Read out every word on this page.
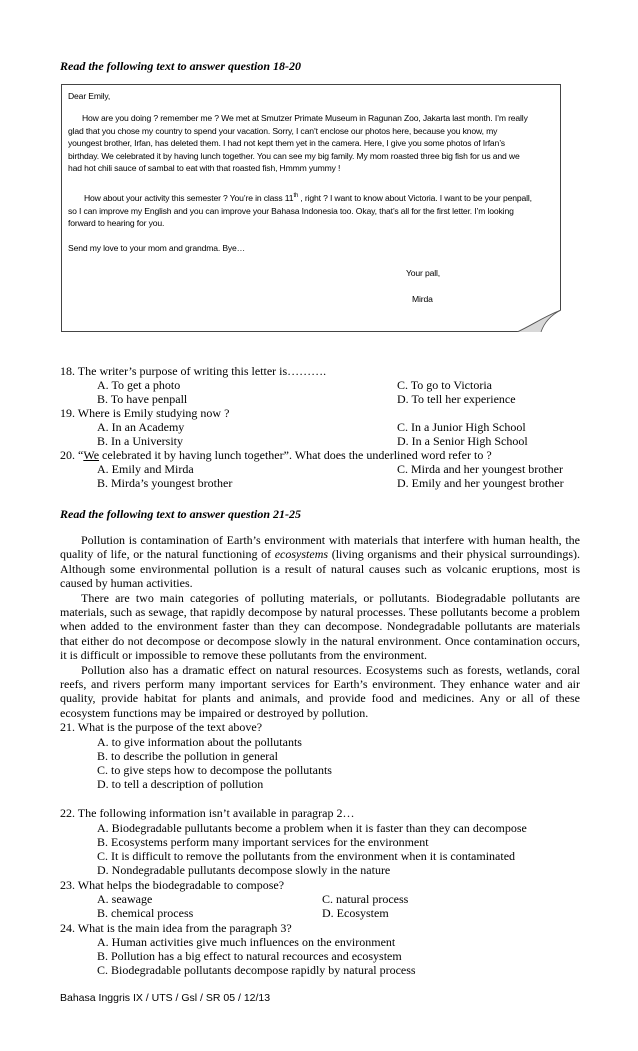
Read the following text to answer question 18-20
Dear Emily,
How are you doing ? remember me ? We met at Smutzer Primate Museum in Ragunan Zoo, Jakarta last month. I’m really
glad that you chose my country to spend your vacation. Sorry, I can’t enclose our photos here, because you know, my
youngest brother, Irfan, has deleted them. I had not kept them yet in the camera. Here, I give you some photos of Irfan’s
birthday. We celebrated it by having lunch together. You can see my big family. My mom roasted three big fish for us and we
had hot chili sauce of sambal to eat with that roasted fish, Hmmm yummy !
How about your activity this semester ? You’re in class 11th , right ? I want to know about Victoria. I want to be your penpall,
so I can improve my English and you can improve your Bahasa Indonesia too. Okay, that’s all for the first letter. I’m looking
forward to hearing for you.
Send my love to your mom and grandma. Bye…
Your pall,
Mirda
18. The writer’s purpose of writing this letter is……….
A. To get a photo	C. To go to Victoria
B. To have penpall	D. To tell her experience
19. Where is Emily studying now ?
A. In an Academy	C. In a Junior High School
B. In a University	D. In a Senior High School
20. “We celebrated it by having lunch together”. What does the underlined word refer to ?
A. Emily and Mirda	C. Mirda and her youngest brother
B. Mirda’s youngest brother	D. Emily and her youngest brother
Read the following text to answer question 21-25

Pollution is contamination of Earth’s environment with materials that interfere with human health, the quality of life, or the natural functioning of ecosystems (living organisms and their physical surroundings). Although some environmental pollution is a result of natural causes such as volcanic eruptions, most is caused by human activities.

There are two main categories of polluting materials, or pollutants. Biodegradable pollutants are materials, such as sewage, that rapidly decompose by natural processes. These pollutants become a problem when added to the environment faster than they can decompose. Nondegradable pollutants are materials that either do not decompose or decompose slowly in the natural environment. Once contamination occurs, it is difficult or impossible to remove these pollutants from the environment.

Pollution also has a dramatic effect on natural resources. Ecosystems such as forests, wetlands, coral reefs, and rivers perform many important services for Earth’s environment. They enhance water and air quality, provide habitat for plants and animals, and provide food and medicines. Any or all of these ecosystem functions may be impaired or destroyed by pollution.

21. What is the purpose of the text above?
A. to give information about the pollutants
B. to describe the pollution in general
C. to give steps how to decompose the pollutants
D. to tell a description of pollution
22. The following information isn’t available in paragrap 2…
A. Biodegradable pullutants become a problem when it is faster than they can decompose
B. Ecosystems perform many important services for the environment
C. It is difficult to remove the pollutants from the environment when it is contaminated
D. Nondegradable pullutants decompose slowly in the nature
23. What helps the biodegradable to compose?
A. seawage	C. natural process
B. chemical process	D. Ecosystem
24. What is the main idea from the paragraph 3?
A. Human activities give much influences on the environment
B. Pollution has a big effect to natural recources and ecosystem
C. Biodegradable pollutants decompose rapidly by natural process
Bahasa Inggris IX / UTS / Gsl / SR 05 / 12/13
